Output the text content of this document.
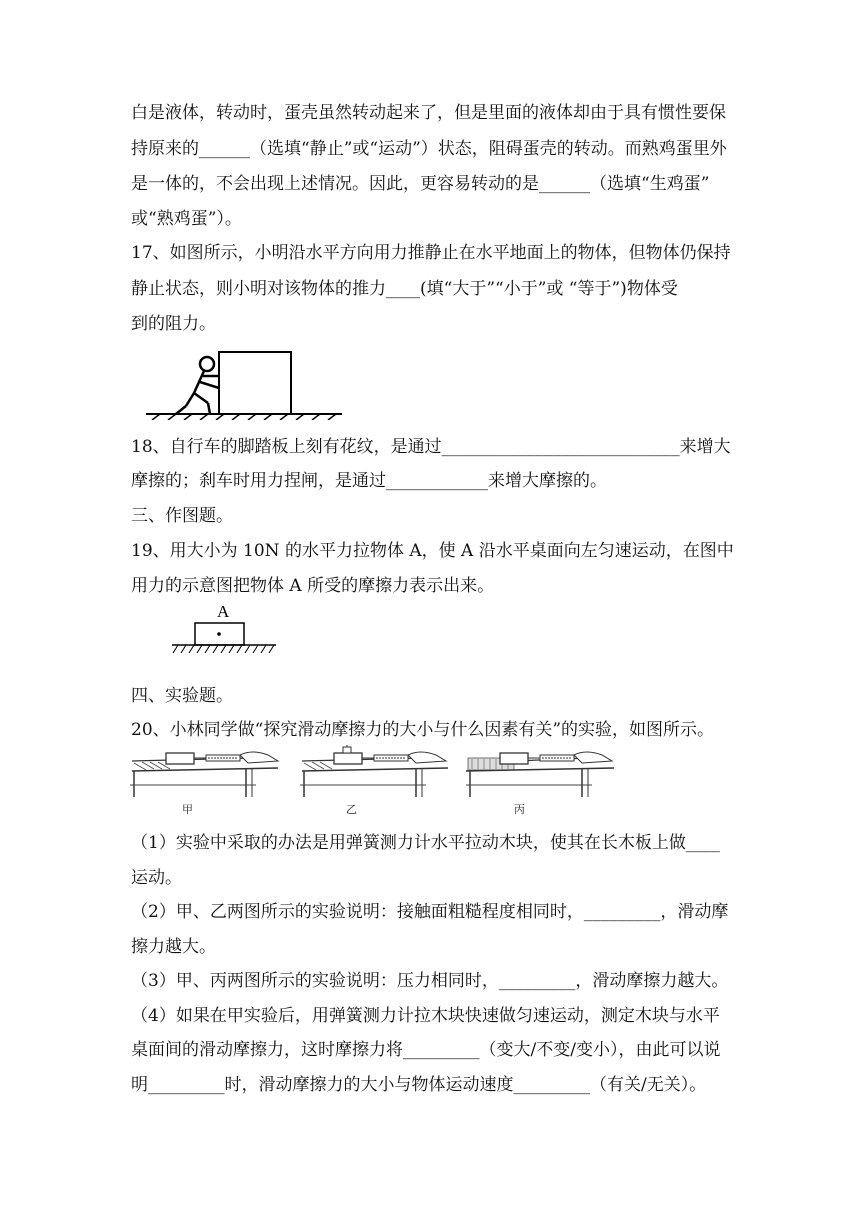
白是液体，转动时，蛋壳虽然转动起来了，但是里面的液体却由于具有惯性要保
持原来的______（选填“静止”或“运动”）状态，阻碍蛋壳的转动。而熟鸡蛋里外
是一体的，不会出现上述情况。因此，更容易转动的是______（选填“生鸡蛋”
或“熟鸡蛋”）。
17、如图所示，小明沿水平方向用力推静止在水平地面上的物体，但物体仍保持
静止状态，则小明对该物体的推力____(填“大于”“小于”或 “等于”)物体受
到的阻力。
18、自行车的脚踏板上刻有花纹，是通过____________________________来增大
摩擦的；刹车时用力捏闸，是通过____________来增大摩擦的。
三、作图题。
19、用大小为 10N 的水平力拉物体 A，使 A 沿水平桌面向左匀速运动，在图中
用力的示意图把物体 A 所受的摩擦力表示出来。
A
四、实验题。
20、小林同学做“探究滑动摩擦力的大小与什么因素有关”的实验，如图所示。
甲	乙	丙
（1）实验中采取的办法是用弹簧测力计水平拉动木块，使其在长木板上做____
运动。
（2）甲、乙两图所示的实验说明：接触面粗糙程度相同时，_________，滑动摩
擦力越大。
（3）甲、丙两图所示的实验说明：压力相同时，_________，滑动摩擦力越大。
（4）如果在甲实验后，用弹簧测力计拉木块快速做匀速运动，测定木块与水平
桌面间的滑动摩擦力，这时摩擦力将_________（变大/不变/变小），由此可以说
明_________时，滑动摩擦力的大小与物体运动速度_________（有关/无关）。
